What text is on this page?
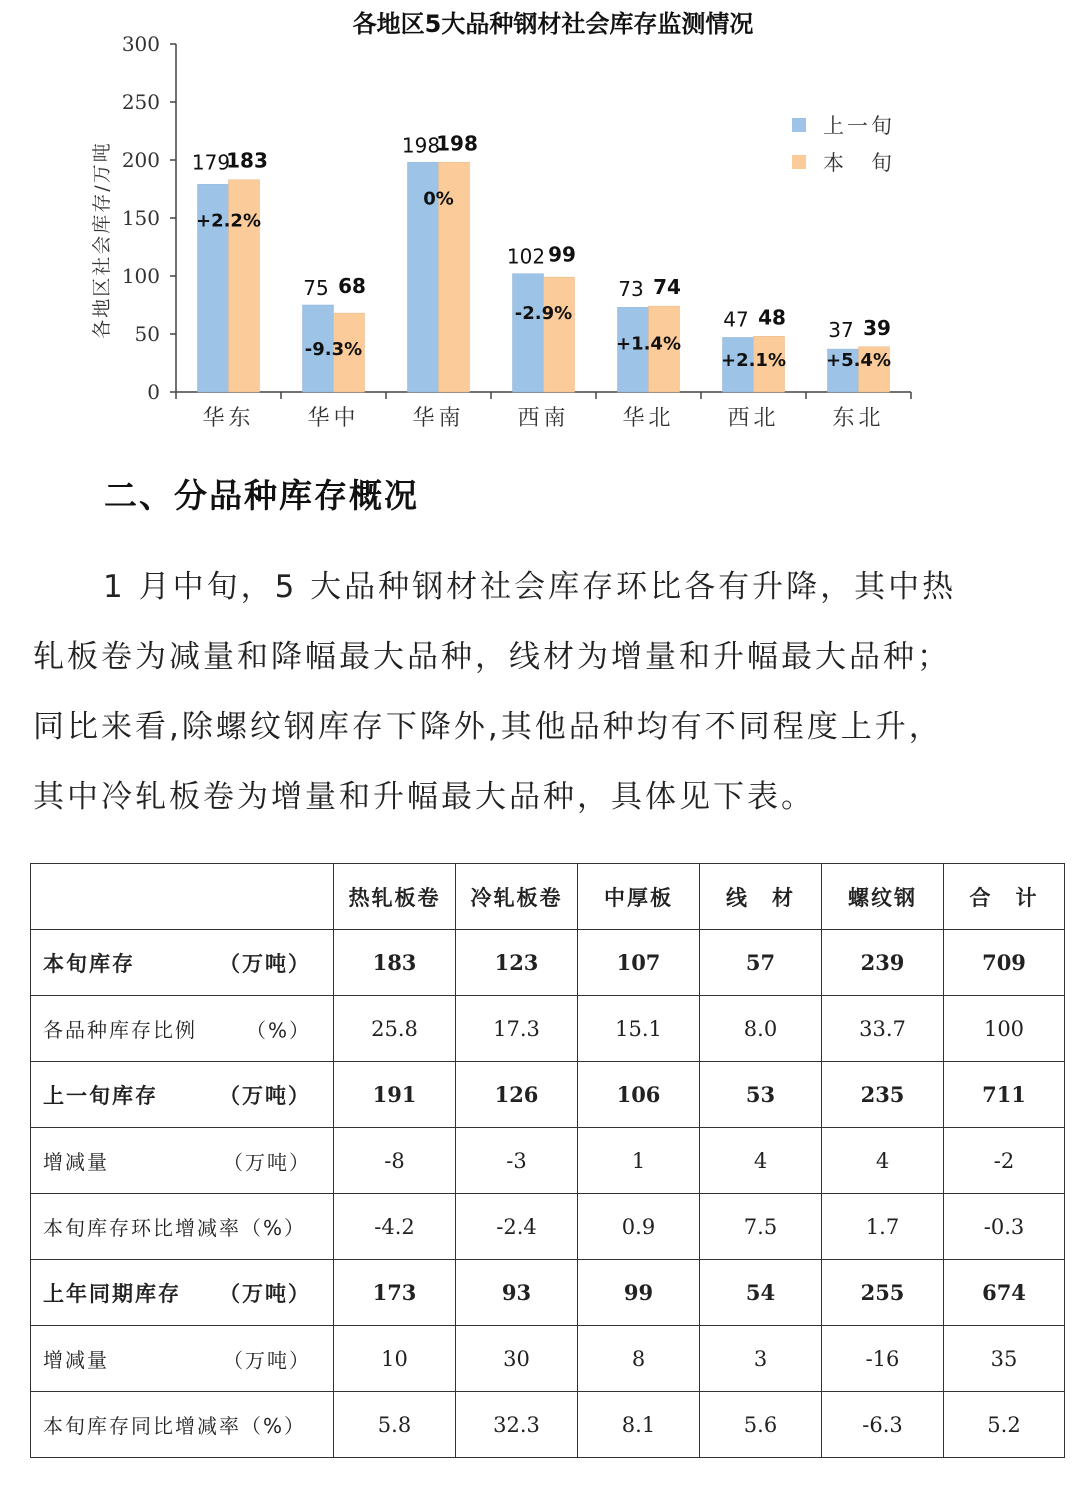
各地区5大品种钢材社会库存监测情况
各地区社会库存/万吨
0
50
100
150
200
250
300
华东 华中 华南 西南 华北 西北 东北
179
183
+2.2%
75 68
-9.3%
198
198
0%
102 99
-2.9%
73 74
+1.4%
47 48
+2.1%
37 39
+5.4%
上一旬
本　旬
二、分品种库存概况
1 月中旬，5 大品种钢材社会库存环比各有升降，其中热
轧板卷为减量和降幅最大品种，线材为增量和升幅最大品种；
同比来看,除螺纹钢库存下降外,其他品种均有不同程度上升，
其中冷轧板卷为增量和升幅最大品种，具体见下表。
	热轧板卷	冷轧板卷	中厚板	线　材	螺纹钢	合　计
本旬库存 （万吨）	183	123	107	57	239	709
各品种库存比例 （%）	25.8	17.3	15.1	8.0	33.7	100
上一旬库存 （万吨）	191	126	106	53	235	711
增减量 （万吨）	-8	-3	1	4	4	-2
本旬库存环比增减率（%）	-4.2	-2.4	0.9	7.5	1.7	-0.3
上年同期库存 （万吨）	173	93	99	54	255	674
增减量 （万吨）	10	30	8	3	-16	35
本旬库存同比增减率（%）	5.8	32.3	8.1	5.6	-6.3	5.2
